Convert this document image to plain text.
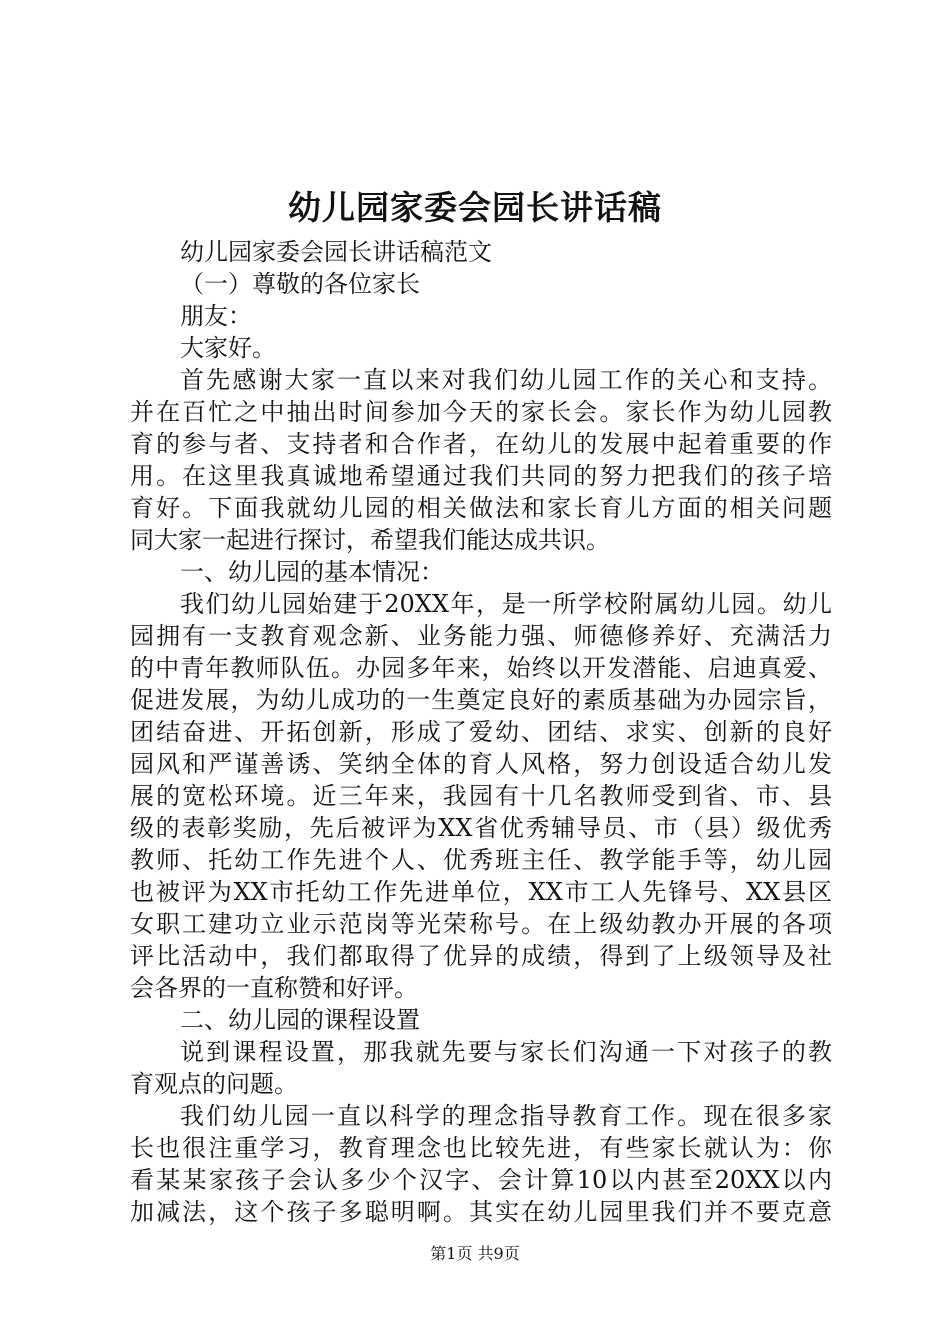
幼儿园家委会园长讲话稿
幼儿园家委会园长讲话稿范文
（一）尊敬的各位家长
朋友：
大家好。
首先感谢大家一直以来对我们幼儿园工作的关心和支持。
并在百忙之中抽出时间参加今天的家长会。家长作为幼儿园教
育的参与者、支持者和合作者，在幼儿的发展中起着重要的作
用。在这里我真诚地希望通过我们共同的努力把我们的孩子培
育好。下面我就幼儿园的相关做法和家长育儿方面的相关问题
同大家一起进行探讨，希望我们能达成共识。
一、幼儿园的基本情况：
我们幼儿园始建于20XX年，是一所学校附属幼儿园。幼儿
园拥有一支教育观念新、业务能力强、师德修养好、充满活力
的中青年教师队伍。办园多年来，始终以开发潜能、启迪真爱、
促进发展，为幼儿成功的一生奠定良好的素质基础为办园宗旨，
团结奋进、开拓创新，形成了爱幼、团结、求实、创新的良好
园风和严谨善诱、笑纳全体的育人风格，努力创设适合幼儿发
展的宽松环境。近三年来，我园有十几名教师受到省、市、县
级的表彰奖励，先后被评为XX省优秀辅导员、市（县）级优秀
教师、托幼工作先进个人、优秀班主任、教学能手等，幼儿园
也被评为XX市托幼工作先进单位，XX市工人先锋号、XX县区
女职工建功立业示范岗等光荣称号。在上级幼教办开展的各项
评比活动中，我们都取得了优异的成绩，得到了上级领导及社
会各界的一直称赞和好评。
二、幼儿园的课程设置
说到课程设置，那我就先要与家长们沟通一下对孩子的教
育观点的问题。
我们幼儿园一直以科学的理念指导教育工作。现在很多家
长也很注重学习，教育理念也比较先进，有些家长就认为：你
看某某家孩子会认多少个汉字、会计算10以内甚至20XX以内
加减法，这个孩子多聪明啊。其实在幼儿园里我们并不要克意
第1页 共9页
